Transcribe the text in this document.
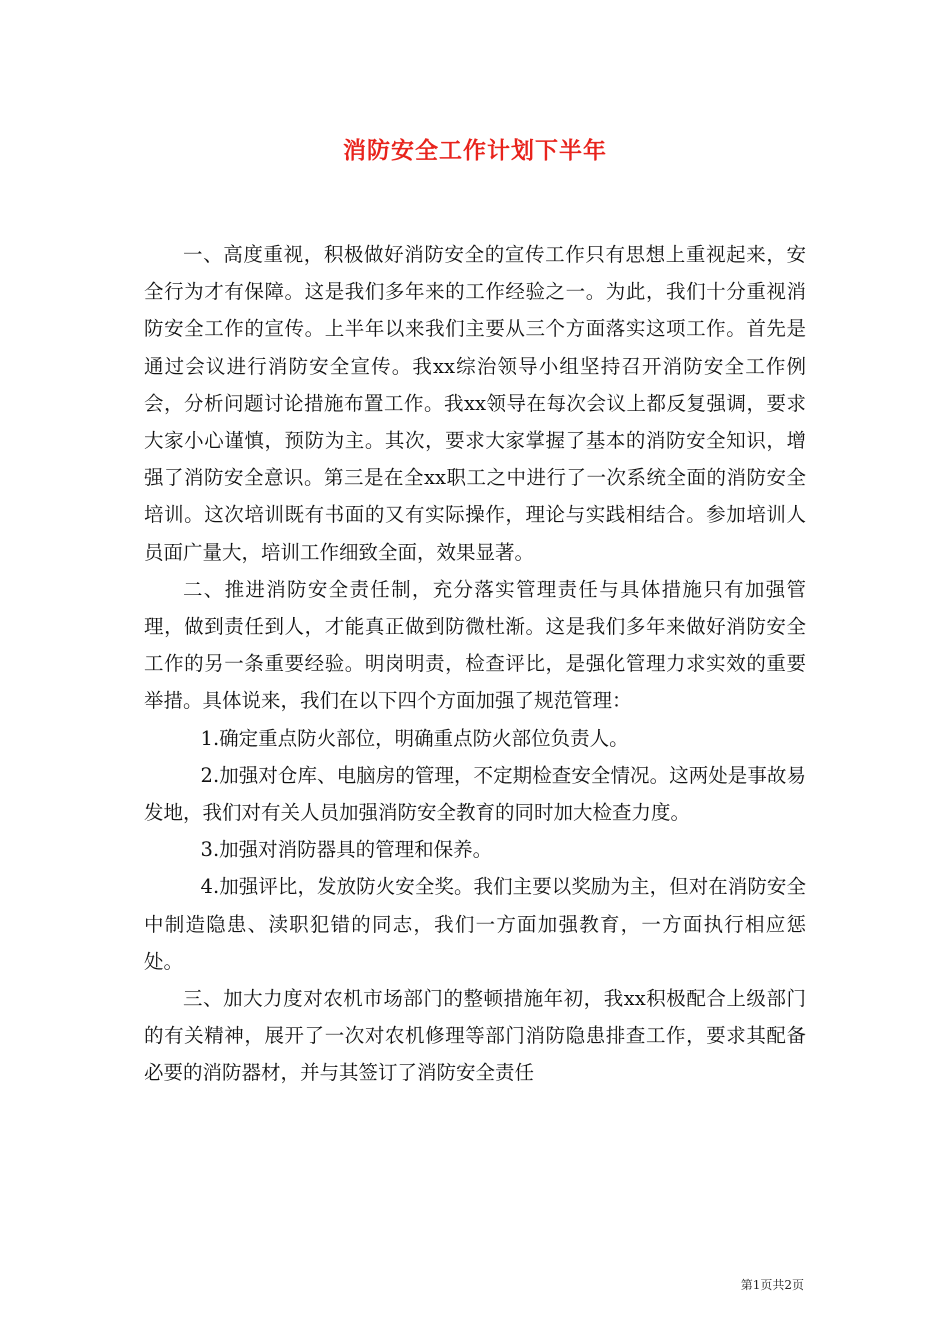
消防安全工作计划下半年

一、高度重视，积极做好消防安全的宣传工作只有思想上重视起来，安全行为才有保障。这是我们多年来的工作经验之一。为此，我们十分重视消防安全工作的宣传。上半年以来我们主要从三个方面落实这项工作。首先是通过会议进行消防安全宣传。我xx综治领导小组坚持召开消防安全工作例会，分析问题讨论措施布置工作。我xx领导在每次会议上都反复强调，要求大家小心谨慎，预防为主。其次，要求大家掌握了基本的消防安全知识，增强了消防安全意识。第三是在全xx职工之中进行了一次系统全面的消防安全培训。这次培训既有书面的又有实际操作，理论与实践相结合。参加培训人员面广量大，培训工作细致全面，效果显著。

二、推进消防安全责任制，充分落实管理责任与具体措施只有加强管理，做到责任到人，才能真正做到防微杜渐。这是我们多年来做好消防安全工作的另一条重要经验。明岗明责，检查评比，是强化管理力求实效的重要举措。具体说来，我们在以下四个方面加强了规范管理：

1.确定重点防火部位，明确重点防火部位负责人。

2.加强对仓库、电脑房的管理，不定期检查安全情况。这两处是事故易发地，我们对有关人员加强消防安全教育的同时加大检查力度。

3.加强对消防器具的管理和保养。

4.加强评比，发放防火安全奖。我们主要以奖励为主，但对在消防安全中制造隐患、渎职犯错的同志，我们一方面加强教育，一方面执行相应惩处。

三、加大力度对农机市场部门的整顿措施年初，我xx积极配合上级部门的有关精神，展开了一次对农机修理等部门消防隐患排查工作，要求其配备必要的消防器材，并与其签订了消防安全责任

第1页共2页
